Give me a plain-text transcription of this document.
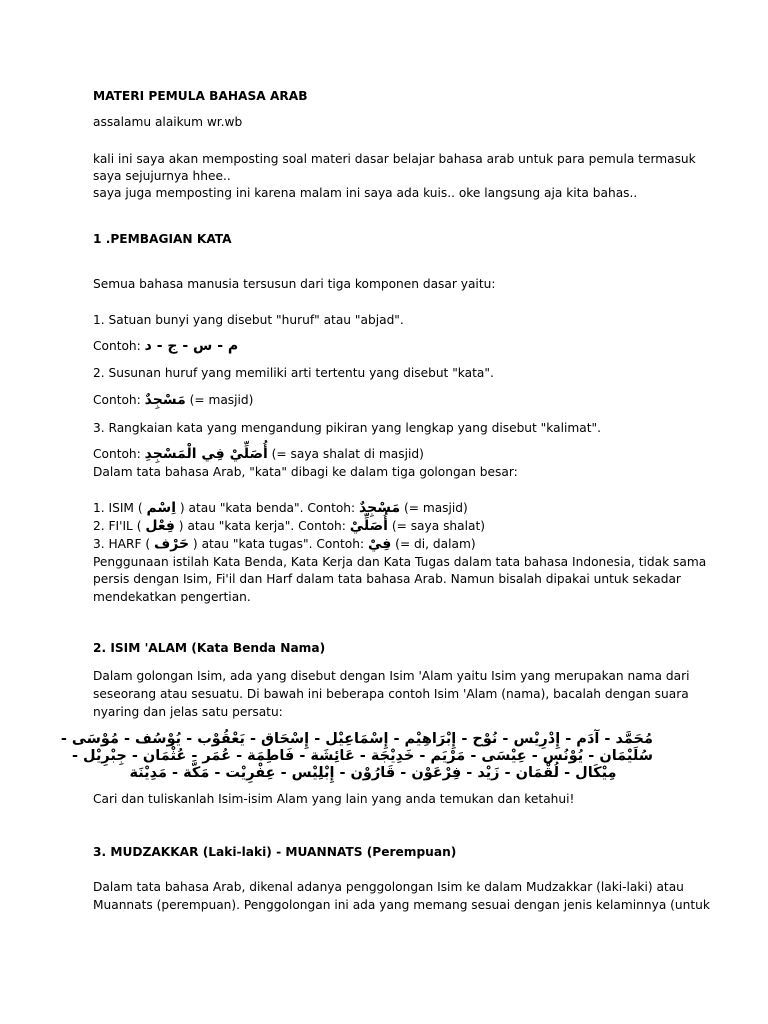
MATERI PEMULA BAHASA ARAB
assalamu alaikum wr.wb
kali ini saya akan memposting soal materi dasar belajar bahasa arab untuk para pemula termasuk
saya sejujurnya hhee..
saya juga memposting ini karena malam ini saya ada kuis.. oke langsung aja kita bahas..
1 .PEMBAGIAN KATA
Semua bahasa manusia tersusun dari tiga komponen dasar yaitu:
1. Satuan bunyi yang disebut "huruf" atau "abjad".
Contoh: م - س - ج - د
2. Susunan huruf yang memiliki arti tertentu yang disebut "kata".
Contoh: مَسْجِدٌ (= masjid)
3. Rangkaian kata yang mengandung pikiran yang lengkap yang disebut "kalimat".
Contoh: أُصَلِّيْ فِي الْمَسْجِدِ (= saya shalat di masjid)
Dalam tata bahasa Arab, "kata" dibagi ke dalam tiga golongan besar:
1. ISIM ( اِسْم ) atau "kata benda". Contoh: مَسْجِدٌ (= masjid)
2. FI'IL ( فِعْل ) atau "kata kerja". Contoh: أُصَلِّيْ (= saya shalat)
3. HARF ( حَرْف ) atau "kata tugas". Contoh: فِيْ (= di, dalam)
Penggunaan istilah Kata Benda, Kata Kerja dan Kata Tugas dalam tata bahasa Indonesia, tidak sama
persis dengan Isim, Fi'il dan Harf dalam tata bahasa Arab. Namun bisalah dipakai untuk sekadar
mendekatkan pengertian.
2. ISIM 'ALAM (Kata Benda Nama)
Dalam golongan Isim, ada yang disebut dengan Isim 'Alam yaitu Isim yang merupakan nama dari
seseorang atau sesuatu. Di bawah ini beberapa contoh Isim 'Alam (nama), bacalah dengan suara
nyaring dan jelas satu persatu:
مُحَمَّد - آدَم - إِدْرِيْس - نُوْح - إِبْرَاهِيْم - إِسْمَاعِيْل - إِسْحَاق - يَعْقُوْب - يُوْسُف - مُوْسَى -
سُلَيْمَان - يُوْنُس - عِيْسَى - مَرْيَم - خَدِيْجَة - عَائِشَة - فَاطِمَة - عُمَر - عُثْمَان - جِبْرِيْل -
مِيْكَال - لُقْمَان - زَيْد - فِرْعَوْن - قَارُوْن - إِبْلِيْس - عِفْرِيْت - مَكَّة - مَدِيْنَة
Cari dan tuliskanlah Isim-isim Alam yang lain yang anda temukan dan ketahui!
3. MUDZAKKAR (Laki-laki) - MUANNATS (Perempuan)
Dalam tata bahasa Arab, dikenal adanya penggolongan Isim ke dalam Mudzakkar (laki-laki) atau
Muannats (perempuan). Penggolongan ini ada yang memang sesuai dengan jenis kelaminnya (untuk
